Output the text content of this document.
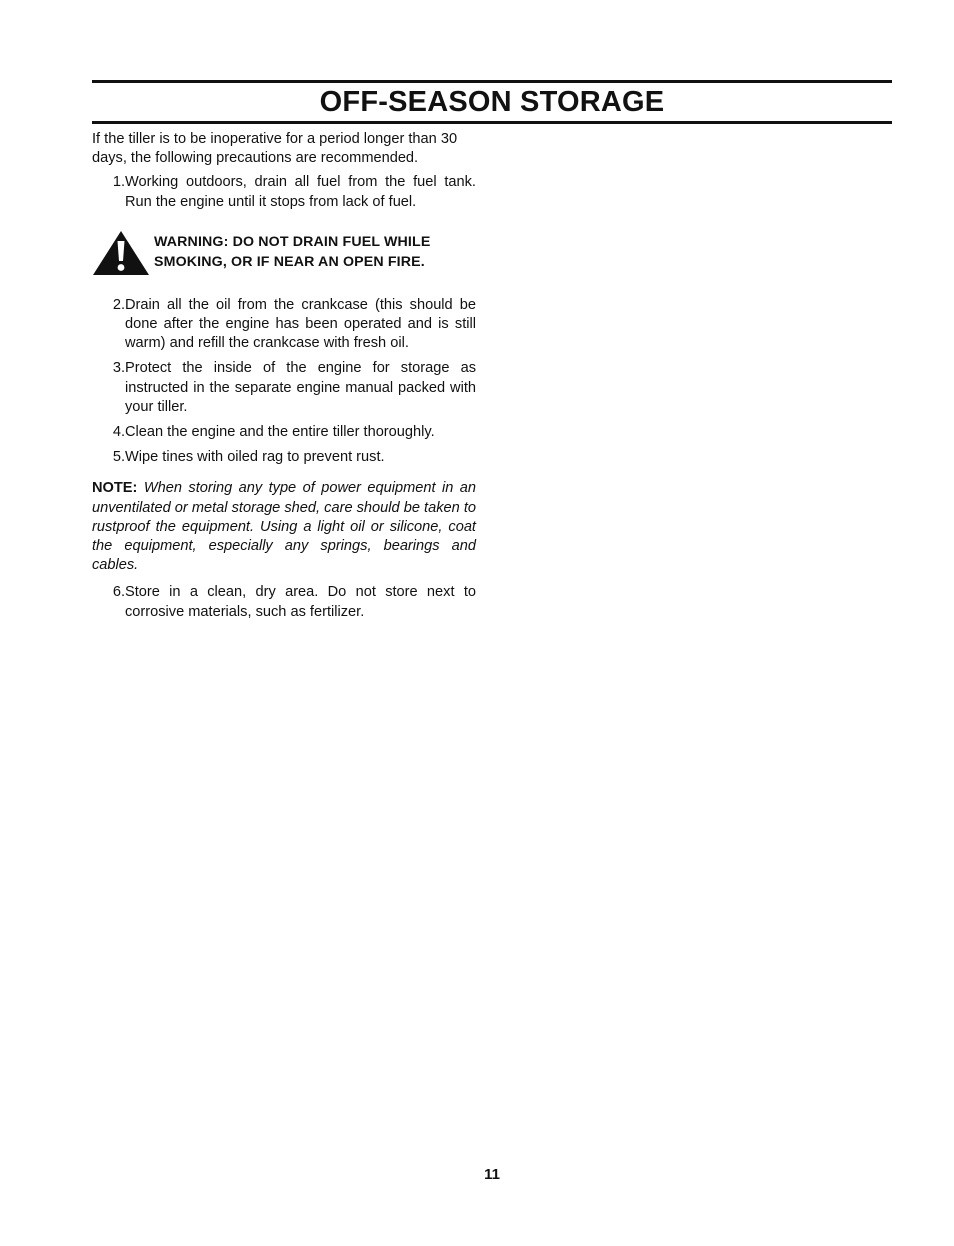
OFF-SEASON STORAGE

If the tiller is to be inoperative for a period longer than 30 days, the following precautions are recommended.

1. Working outdoors, drain all fuel from the fuel tank. Run the engine until it stops from lack of fuel.
WARNING: DO NOT DRAIN FUEL WHILE
SMOKING, OR IF NEAR AN OPEN FIRE.
2. Drain all the oil from the crankcase (this should be done after the engine has been operated and is still warm) and refill the crankcase with fresh oil.
3. Protect the inside of the engine for storage as instructed in the separate engine manual packed with your tiller.
4. Clean the engine and the entire tiller thoroughly.
5. Wipe tines with oiled rag to prevent rust.

NOTE: When storing any type of power equipment in an unventilated or metal storage shed, care should be taken to rustproof the equipment. Using a light oil or silicone, coat the equipment, especially any springs, bearings and cables.

6. Store in a clean, dry area. Do not store next to corrosive materials, such as fertilizer.
11
